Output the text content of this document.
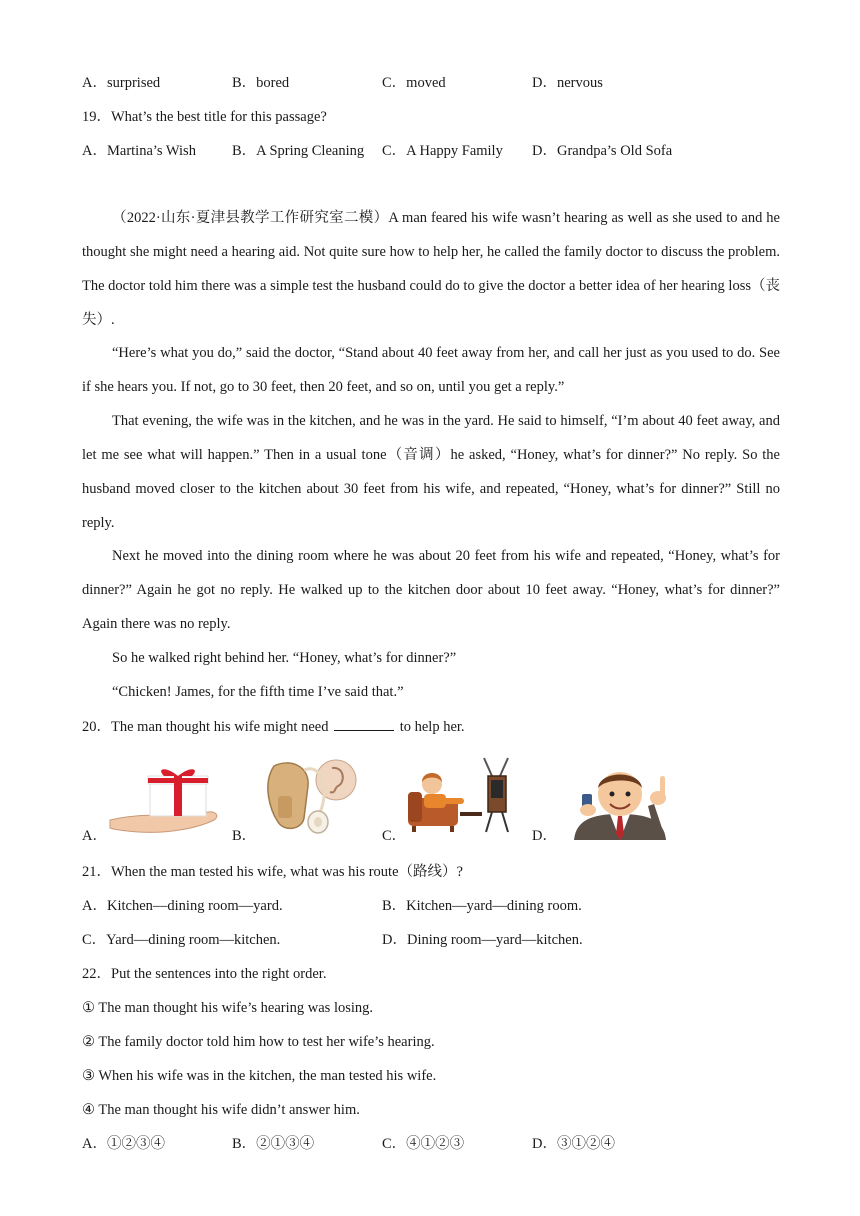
A．surprised	B．bored	C．moved	D．nervous
19．What’s the best title for this passage?
A．Martina’s Wish B．A Spring Cleaning C．A Happy Family D．Grandpa’s Old Sofa
（2022·山东·夏津县教学工作研究室二模）A man feared his wife wasn’t hearing as well as she used to and he thought she might need a hearing aid. Not quite sure how to help her, he called the family doctor to discuss the problem. The doctor told him there was a simple test the husband could do to give the doctor a better idea of her hearing loss（丧失）.
“Here’s what you do,” said the doctor, “Stand about 40 feet away from her, and call her just as you used to do. See if she hears you. If not, go to 30 feet, then 20 feet, and so on, until you get a reply.”
That evening, the wife was in the kitchen, and he was in the yard. He said to himself, “I’m about 40 feet away, and let me see what will happen.” Then in a usual tone（音调）he asked, “Honey, what’s for dinner?” No reply. So the husband moved closer to the kitchen about 30 feet from his wife, and repeated, “Honey, what’s for dinner?” Still no reply.
Next he moved into the dining room where he was about 20 feet from his wife and repeated, “Honey, what’s for dinner?” Again he got no reply. He walked up to the kitchen door about 10 feet away. “Honey, what’s for dinner?” Again there was no reply.
So he walked right behind her. “Honey, what’s for dinner?”
“Chicken! James, for the fifth time I’ve said that.”
20．The man thought his wife might need	to help her.
A．	B．	C．	D．
21．When the man tested his wife, what was his route（路线）?
A．Kitchen—dining room—yard.	B．Kitchen—yard—dining room.
C．Yard—dining room—kitchen.	D．Dining room—yard—kitchen.
22．Put the sentences into the right order.
① The man thought his wife’s hearing was losing.
② The family doctor told him how to test her wife’s hearing.
③ When his wife was in the kitchen, the man tested his wife.
④ The man thought his wife didn’t answer him.
A．①②③④	B．②①③④	C．④①②③	D．③①②④
